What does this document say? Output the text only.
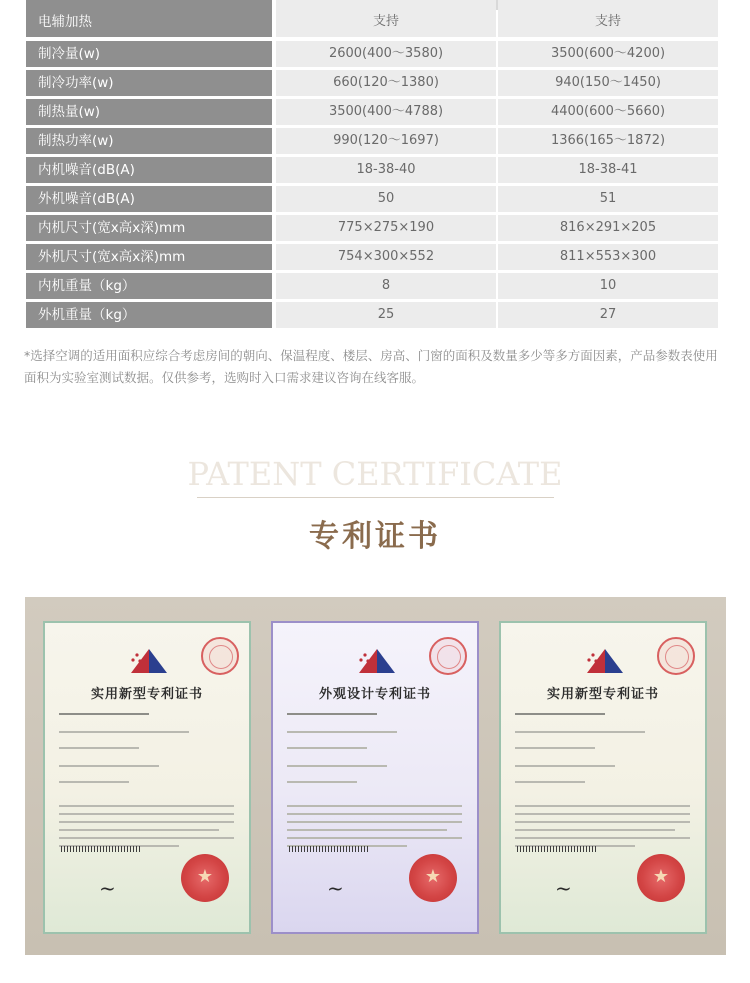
电辅加热	支持	支持
制冷量(w)	2600(400～3580)	3500(600～4200)
制冷功率(w)	660(120～1380)	940(150～1450)
制热量(w)	3500(400～4788)	4400(600～5660)
制热功率(w)	990(120～1697)	1366(165～1872)
内机噪音(dB(A)	18-38-40	18-38-41
外机噪音(dB(A)	50	51
内机尺寸(宽x高x深)mm	775×275×190	816×291×205
外机尺寸(宽x高x深)mm	754×300×552	811×553×300
内机重量（kg）	8	10
外机重量（kg）	25	27
*选择空调的适用面积应综合考虑房间的朝向、保温程度、楼层、房高、门窗的面积及数量多少等多方面因素，产品参数表使用面积为实验室测试数据。仅供参考，选购时入口需求建议咨询在线客服。
PATENT CERTIFICATE
专利证书
实用新型专利证书
★
~
外观设计专利证书
★
~
实用新型专利证书
★
~
